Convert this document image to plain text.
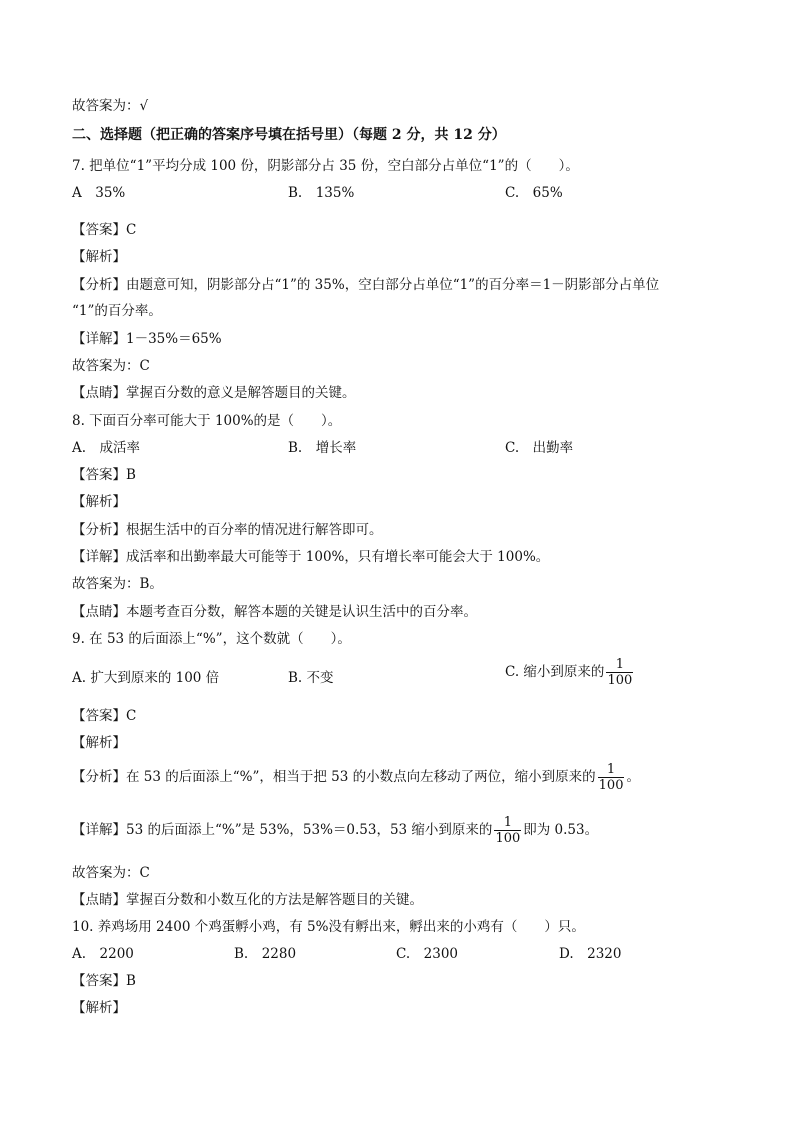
故答案为：√
二、选择题（把正确的答案序号填在括号里）（每题 2 分，共 12 分）
7. 把单位“1”平均分成 100 份，阴影部分占 35 份，空白部分占单位“1”的（　　）。
A　35%	B.　135%	C.　65%
【答案】C
【解析】
【分析】由题意可知，阴影部分占“1”的 35%，空白部分占单位“1”的百分率＝1－阴影部分占单位
“1”的百分率。
【详解】1－35%＝65%
故答案为：C
【点睛】掌握百分数的意义是解答题目的关键。
8. 下面百分率可能大于 100%的是（　　）。
A.　成活率	B.　增长率	C.　出勤率
【答案】B
【解析】
【分析】根据生活中的百分率的情况进行解答即可。
【详解】成活率和出勤率最大可能等于 100%，只有增长率可能会大于 100%。
故答案为：B。
【点睛】本题考查百分数，解答本题的关键是认识生活中的百分率。
9. 在 53 的后面添上“%”，这个数就（　　）。
A. 扩大到原来的 100 倍	B. 不变	C. 缩小到原来的 $\frac{1}{100}$
【答案】C
【解析】
【分析】在 53 的后面添上“%”，相当于把 53 的小数点向左移动了两位，缩小到原来的 $\frac{1}{100}$ 。
【详解】53 的后面添上“%”是 53%，53%＝0.53，53 缩小到原来的 $\frac{1}{100}$ 即为 0.53。
故答案为：C
【点睛】掌握百分数和小数互化的方法是解答题目的关键。
10. 养鸡场用 2400 个鸡蛋孵小鸡，有 5%没有孵出来，孵出来的小鸡有（　　）只。
A.　2200	B.　2280	C.　2300	D.　2320
【答案】B
【解析】
